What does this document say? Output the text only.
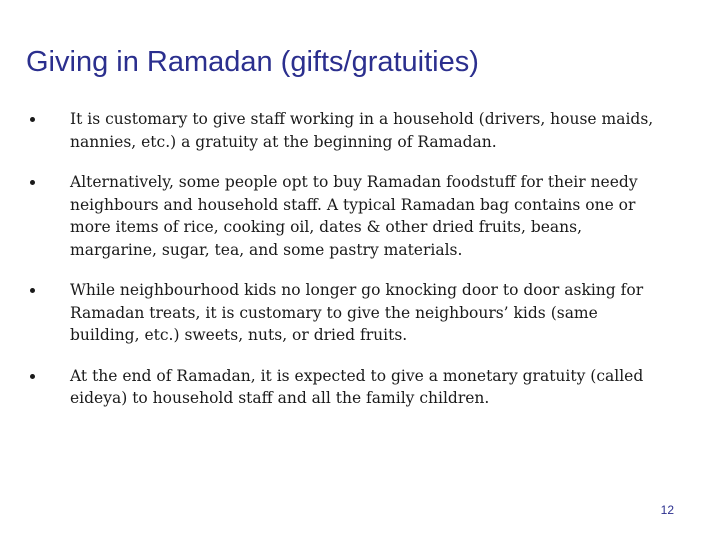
Giving in Ramadan (gifts/gratuities)
It is customary to give staff working in a household (drivers, house maids, nannies, etc.) a gratuity at the beginning of Ramadan.
Alternatively, some people opt to buy Ramadan foodstuff for their needy neighbours and household staff. A typical Ramadan bag contains one or more items of rice, cooking oil, dates & other dried fruits, beans, margarine, sugar, tea, and some pastry materials.
While neighbourhood kids no longer go knocking door to door asking for Ramadan treats, it is customary to give the neighbours’ kids (same building, etc.) sweets, nuts, or dried fruits.
At the end of Ramadan, it is expected to give a monetary gratuity (called eideya) to household staff and all the family children.
12
